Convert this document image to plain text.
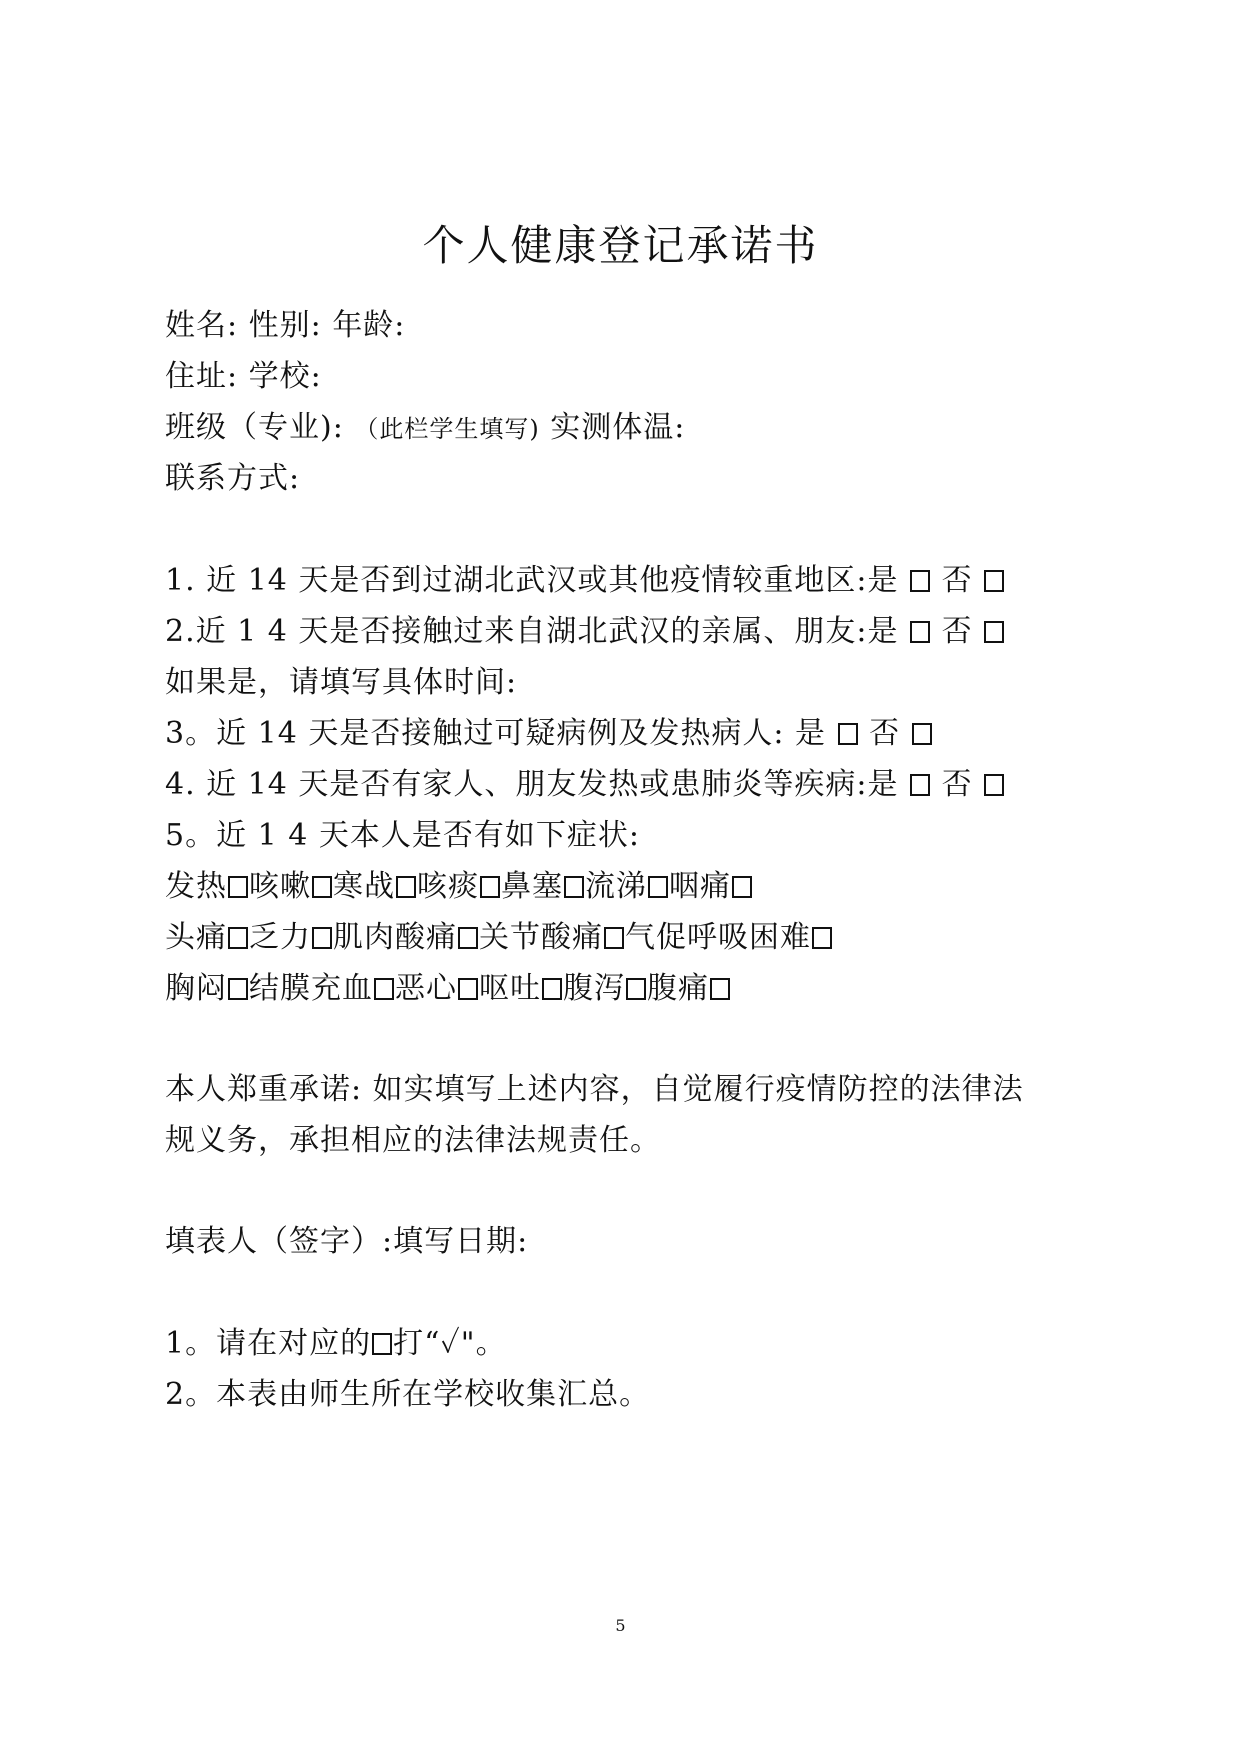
个人健康登记承诺书
姓名: 性别: 年龄:
住址: 学校:
班级（专业): （此栏学生填写) 实测体温:
联系方式:
1. 近 14 天是否到过湖北武汉或其他疫情较重地区:是 否
2.近 1 4 天是否接触过来自湖北武汉的亲属、朋友:是 否
如果是，请填写具体时间:
3。近 14 天是否接触过可疑病例及发热病人: 是 否
4. 近 14 天是否有家人、朋友发热或患肺炎等疾病:是 否
5。近 1 4 天本人是否有如下症状:
发热 咳嗽 寒战 咳痰 鼻塞 流涕 咽痛
头痛 乏力 肌肉酸痛 关节酸痛 气促呼吸困难
胸闷 结膜充血 恶心 呕吐 腹泻 腹痛
本人郑重承诺: 如实填写上述内容，自觉履行疫情防控的法律法
规义务，承担相应的法律法规责任。
填表人（签字）:填写日期:
1。请在对应的 打“✓"。
2。本表由师生所在学校收集汇总。
5
